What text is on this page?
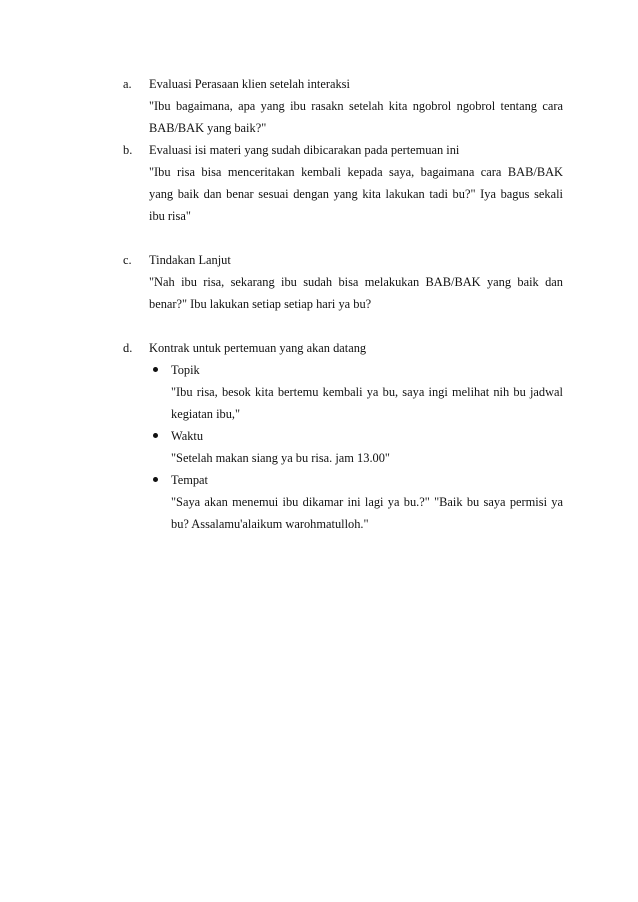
a.	Evaluasi Perasaan klien setelah interaksi
"Ibu bagaimana, apa yang ibu rasakn setelah kita ngobrol ngobrol tentang cara
BAB/BAK yang baik?"
b.	Evaluasi isi materi yang sudah dibicarakan pada pertemuan ini
"Ibu risa bisa menceritakan kembali kepada saya, bagaimana cara BAB/BAK
yang baik dan benar sesuai dengan yang kita lakukan tadi bu?" Iya bagus sekali
ibu risa"
c.	Tindakan Lanjut
"Nah ibu risa, sekarang ibu sudah bisa melakukan BAB/BAK yang baik dan
benar?" Ibu lakukan setiap setiap hari ya bu?
d.	Kontrak untuk pertemuan yang akan datang
Topik
"Ibu risa, besok kita bertemu kembali ya bu, saya ingi melihat nih bu jadwal
kegiatan ibu,"
Waktu
"Setelah makan siang ya bu risa. jam 13.00"
Tempat
"Saya akan menemui ibu dikamar ini lagi ya bu.?" "Baik bu saya permisi ya
bu? Assalamu'alaikum warohmatulloh."
